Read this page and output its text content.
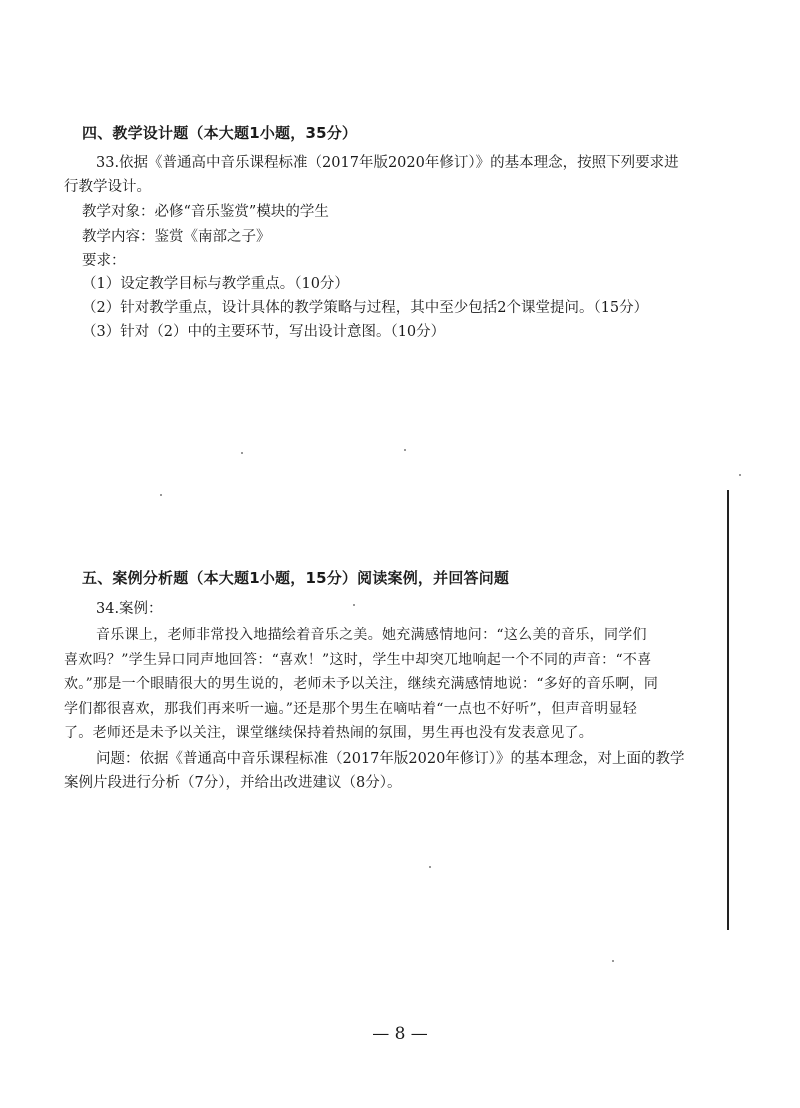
四、教学设计题（本大题1小题，35分）
33.依据《普通高中音乐课程标准（2017年版2020年修订）》的基本理念，按照下列要求进
行教学设计。
教学对象：必修“音乐鉴赏”模块的学生
教学内容：鉴赏《南部之子》
要求：
（1）设定教学目标与教学重点。（10分）
（2）针对教学重点，设计具体的教学策略与过程，其中至少包括2个课堂提问。（15分）
（3）针对（2）中的主要环节，写出设计意图。（10分）
五、案例分析题（本大题1小题，15分）阅读案例，并回答问题
34.案例：
音乐课上，老师非常投入地描绘着音乐之美。她充满感情地问：“这么美的音乐，同学们
喜欢吗？”学生异口同声地回答：“喜欢！”这时，学生中却突兀地响起一个不同的声音：“不喜
欢。”那是一个眼睛很大的男生说的，老师未予以关注，继续充满感情地说：“多好的音乐啊，同
学们都很喜欢，那我们再来听一遍。”还是那个男生在嘀咕着“一点也不好听”，但声音明显轻
了。老师还是未予以关注，课堂继续保持着热闹的氛围，男生再也没有发表意见了。
问题：依据《普通高中音乐课程标准（2017年版2020年修订）》的基本理念，对上面的教学
案例片段进行分析（7分），并给出改进建议（8分）。
— 8 —
